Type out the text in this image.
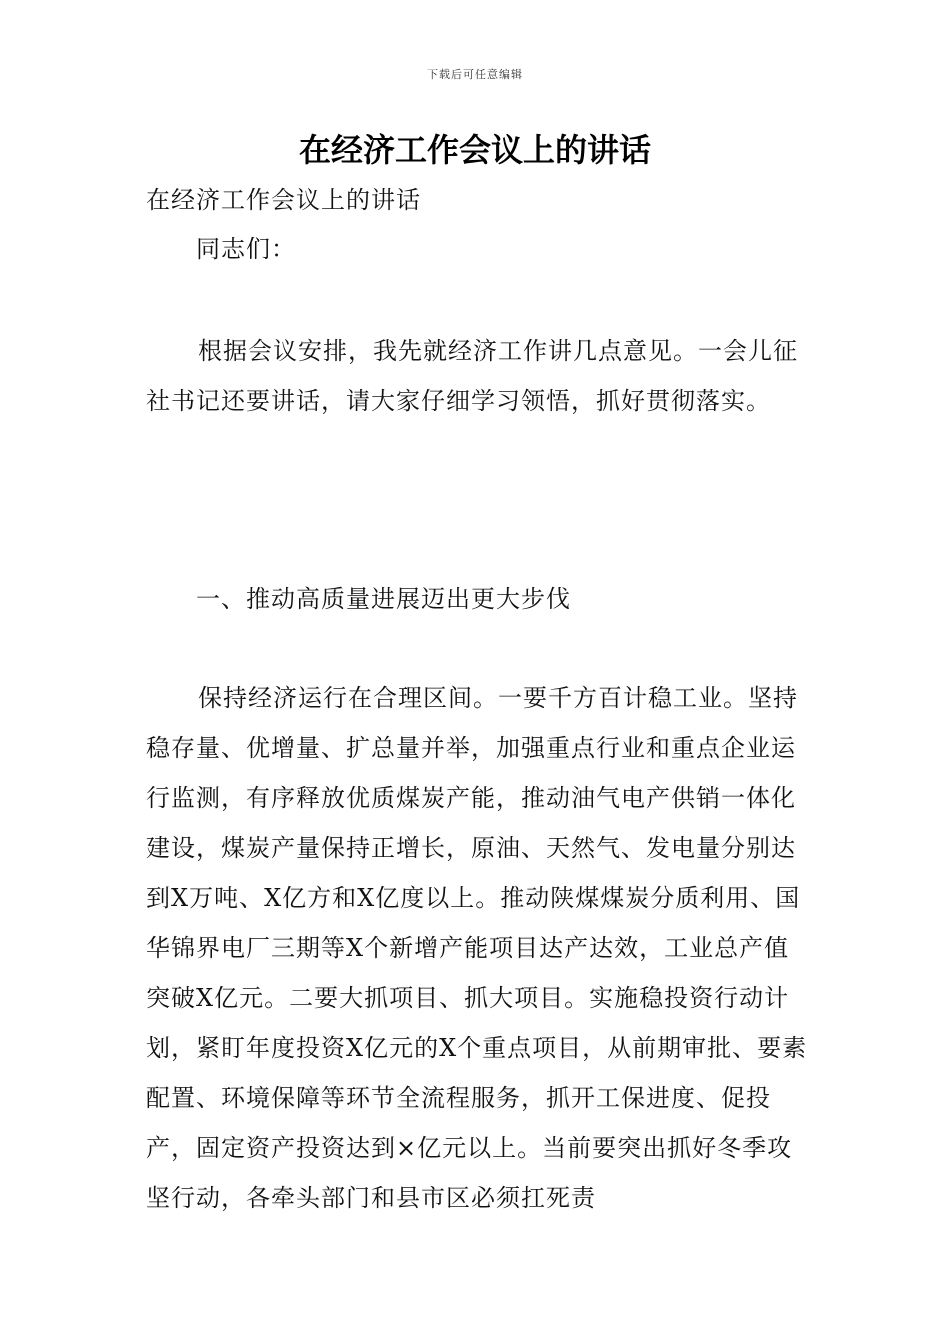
下载后可任意编辑
在经济工作会议上的讲话

在经济工作会议上的讲话

同志们：

根据会议安排，我先就经济工作讲几点意见。一会儿征社书记还要讲话，请大家仔细学习领悟，抓好贯彻落实。

一、推动高质量进展迈出更大步伐

保持经济运行在合理区间。一要千方百计稳工业。坚持稳存量、优增量、扩总量并举，加强重点行业和重点企业运行监测，有序释放优质煤炭产能，推动油气电产供销一体化建设，煤炭产量保持正增长，原油、天然气、发电量分别达到X万吨、X亿方和X亿度以上。推动陕煤煤炭分质利用、国华锦界电厂三期等X个新增产能项目达产达效，工业总产值突破X亿元。二要大抓项目、抓大项目。实施稳投资行动计划，紧盯年度投资X亿元的X个重点项目，从前期审批、要素配置、环境保障等环节全流程服务，抓开工保进度、促投产，固定资产投资达到×亿元以上。当前要突出抓好冬季攻坚行动，各牵头部门和县市区必须扛死责
